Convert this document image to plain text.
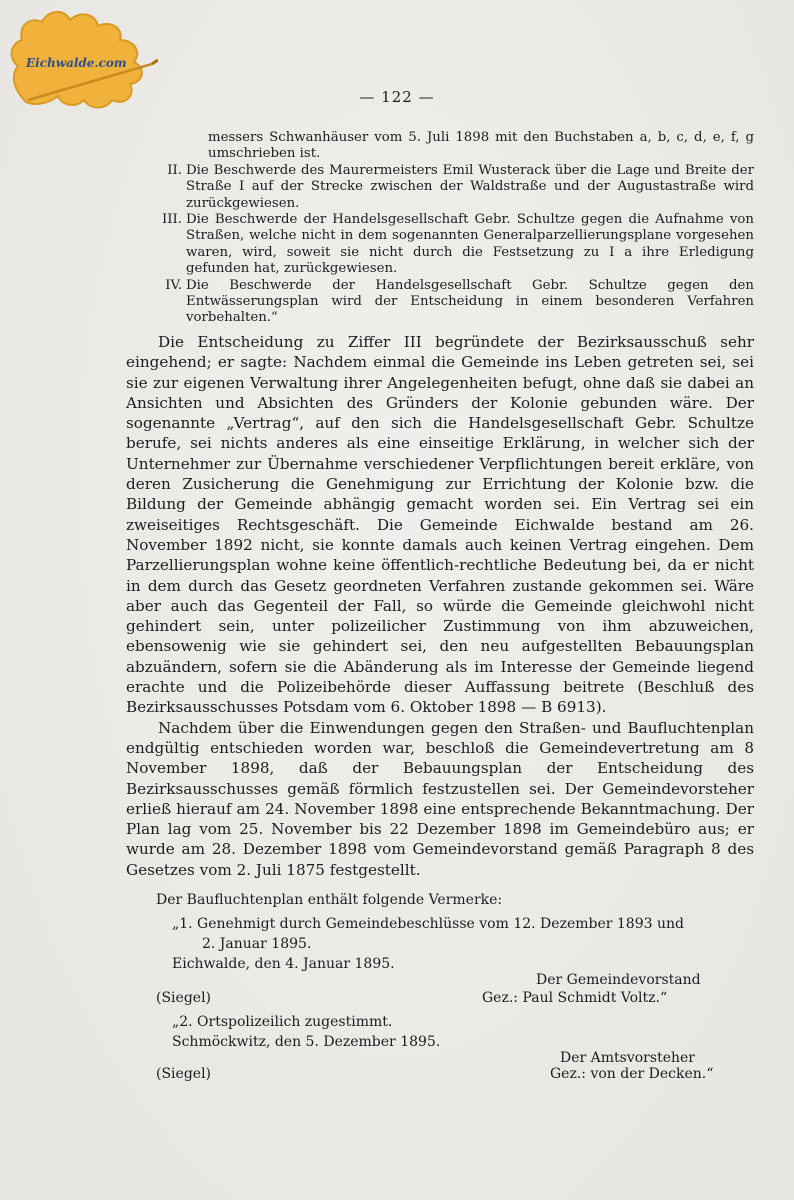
Eichwalde.com
— 122 —
messers Schwanhäuser vom 5. Juli 1898 mit den Buchstaben a, b, c, d, e, f, g umschrieben ist.
II. Die Beschwerde des Maurermeisters Emil Wusterack über die Lage und Breite der Straße I auf der Strecke zwischen der Waldstraße und der Augustastraße wird zurückgewiesen.
III. Die Beschwerde der Handelsgesellschaft Gebr. Schultze gegen die Aufnahme von Straßen, welche nicht in dem sogenannten Generalparzellierungsplane vorgesehen waren, wird, soweit sie nicht durch die Festsetzung zu I a ihre Erledigung gefunden hat, zurückgewiesen.
IV. Die Beschwerde der Handelsgesellschaft Gebr. Schultze gegen den Entwässerungsplan wird der Entscheidung in einem besonderen Verfahren vorbehalten.“

Die Entscheidung zu Ziffer III begründete der Bezirksausschuß sehr eingehend; er sagte: Nachdem einmal die Gemeinde ins Leben getreten sei, sei sie zur eigenen Verwaltung ihrer Angelegenheiten befugt, ohne daß sie dabei an Ansichten und Absichten des Gründers der Kolonie gebunden wäre. Der sogenannte „Vertrag“, auf den sich die Handelsgesellschaft Gebr. Schultze berufe, sei nichts anderes als eine einseitige Erklärung, in welcher sich der Unternehmer zur Übernahme verschiedener Verpflichtungen bereit erkläre, von deren Zusicherung die Genehmigung zur Errichtung der Kolonie bzw. die Bildung der Gemeinde abhängig gemacht worden sei. Ein Vertrag sei ein zweiseitiges Rechtsgeschäft. Die Gemeinde Eichwalde bestand am 26. November 1892 nicht, sie konnte damals auch keinen Vertrag eingehen. Dem Parzellierungsplan wohne keine öffentlich-rechtliche Bedeutung bei, da er nicht in dem durch das Gesetz geordneten Verfahren zustande gekommen sei. Wäre aber auch das Gegenteil der Fall, so würde die Gemeinde gleichwohl nicht gehindert sein, unter polizeilicher Zustimmung von ihm abzuweichen, ebensowenig wie sie gehindert sei, den neu aufgestellten Bebauungsplan abzuändern, sofern sie die Abänderung als im Interesse der Gemeinde liegend erachte und die Polizeibehörde dieser Auffassung beitrete (Beschluß des Bezirksausschusses Potsdam vom 6. Oktober 1898 — B 6913).

Nachdem über die Einwendungen gegen den Straßen- und Baufluchtenplan endgültig entschieden worden war, beschloß die Gemeindevertretung am 8 November 1898, daß der Bebauungsplan der Entscheidung des Bezirksausschusses gemäß förmlich festzustellen sei. Der Gemeindevorsteher erließ hierauf am 24. November 1898 eine entsprechende Bekanntmachung. Der Plan lag vom 25. November bis 22 Dezember 1898 im Gemeindebüro aus; er wurde am 28. Dezember 1898 vom Gemeindevorstand gemäß Paragraph 8 des Gesetzes vom 2. Juli 1875 festgestellt.

Der Baufluchtenplan enthält folgende Vermerke:
„1. Genehmigt durch Gemeindebeschlüsse vom 12. Dezember 1893 und
2. Januar 1895.
Eichwalde, den 4. Januar 1895.
Der Gemeindevorstand
(Siegel)	Gez.: Paul Schmidt Voltz.“
„2. Ortspolizeilich zugestimmt.
Schmöckwitz, den 5. Dezember 1895.
Der Amtsvorsteher
(Siegel)	Gez.: von der Decken.“
